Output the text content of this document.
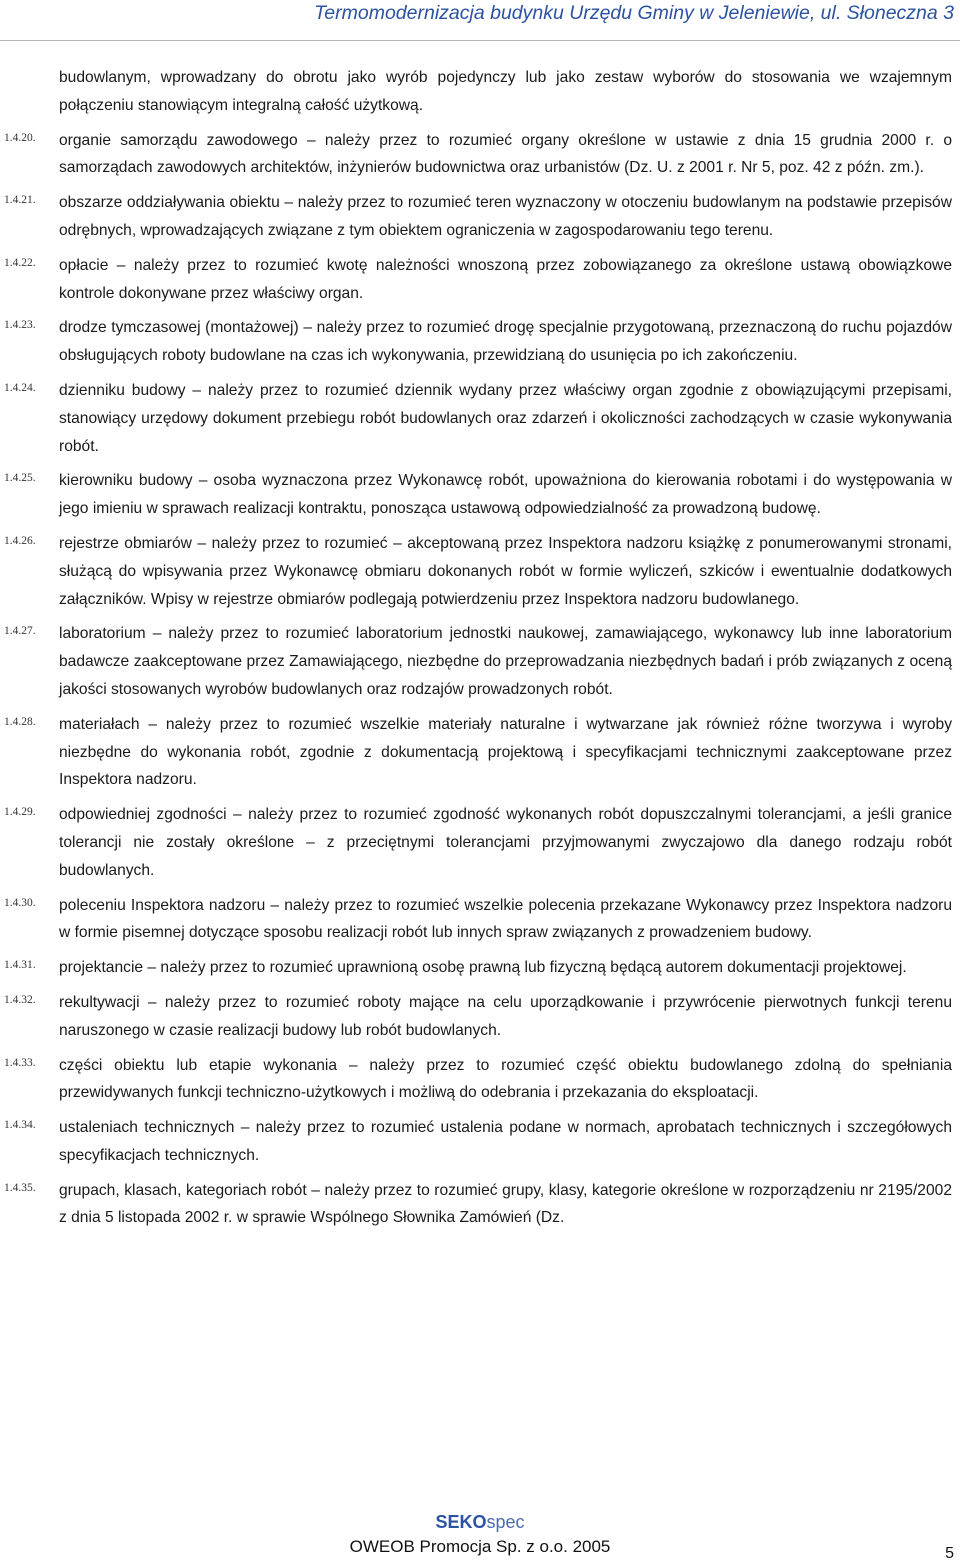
Termomodernizacja budynku Urzędu Gminy w Jeleniewie, ul. Słoneczna 3
budowlanym, wprowadzany do obrotu jako wyrób pojedynczy lub jako zestaw wyborów do stosowania we wzajemnym połączeniu stanowiącym integralną całość użytkową.
1.4.20. organie samorządu zawodowego – należy przez to rozumieć organy określone w ustawie z dnia 15 grudnia 2000 r. o samorządach zawodowych architektów, inżynierów budownictwa oraz urbanistów (Dz. U. z 2001 r. Nr 5, poz. 42 z późn. zm.).
1.4.21. obszarze oddziaływania obiektu – należy przez to rozumieć teren wyznaczony w otoczeniu budowlanym na podstawie przepisów odrębnych, wprowadzających związane z tym obiektem ograniczenia w zagospodarowaniu tego terenu.
1.4.22. opłacie – należy przez to rozumieć kwotę należności wnoszoną przez zobowiązanego za określone ustawą obowiązkowe kontrole dokonywane przez właściwy organ.
1.4.23. drodze tymczasowej (montażowej) – należy przez to rozumieć drogę specjalnie przygotowaną, przeznaczoną do ruchu pojazdów obsługujących roboty budowlane na czas ich wykonywania, przewidzianą do usunięcia po ich zakończeniu.
1.4.24. dzienniku budowy – należy przez to rozumieć dziennik wydany przez właściwy organ zgodnie z obowiązującymi przepisami, stanowiący urzędowy dokument przebiegu robót budowlanych oraz zdarzeń i okoliczności zachodzących w czasie wykonywania robót.
1.4.25. kierowniku budowy – osoba wyznaczona przez Wykonawcę robót, upoważniona do kierowania robotami i do występowania w jego imieniu w sprawach realizacji kontraktu, ponosząca ustawową odpowiedzialność za prowadzoną budowę.
1.4.26. rejestrze obmiarów – należy przez to rozumieć – akceptowaną przez Inspektora nadzoru książkę z ponumerowanymi stronami, służącą do wpisywania przez Wykonawcę obmiaru dokonanych robót w formie wyliczeń, szkiców i ewentualnie dodatkowych załączników. Wpisy w rejestrze obmiarów podlegają potwierdzeniu przez Inspektora nadzoru budowlanego.
1.4.27. laboratorium – należy przez to rozumieć laboratorium jednostki naukowej, zamawiającego, wykonawcy lub inne laboratorium badawcze zaakceptowane przez Zamawiającego, niezbędne do przeprowadzania niezbędnych badań i prób związanych z oceną jakości stosowanych wyrobów budowlanych oraz rodzajów prowadzonych robót.
1.4.28. materiałach – należy przez to rozumieć wszelkie materiały naturalne i wytwarzane jak również różne tworzywa i wyroby niezbędne do wykonania robót, zgodnie z dokumentacją projektową i specyfikacjami technicznymi zaakceptowane przez Inspektora nadzoru.
1.4.29. odpowiedniej zgodności – należy przez to rozumieć zgodność wykonanych robót dopuszczalnymi tolerancjami, a jeśli granice tolerancji nie zostały określone – z przeciętnymi tolerancjami przyjmowanymi zwyczajowo dla danego rodzaju robót budowlanych.
1.4.30. poleceniu Inspektora nadzoru – należy przez to rozumieć wszelkie polecenia przekazane Wykonawcy przez Inspektora nadzoru w formie pisemnej dotyczące sposobu realizacji robót lub innych spraw związanych z prowadzeniem budowy.
1.4.31. projektancie – należy przez to rozumieć uprawnioną osobę prawną lub fizyczną będącą autorem dokumentacji projektowej.
1.4.32. rekultywacji – należy przez to rozumieć roboty mające na celu uporządkowanie i przywrócenie pierwotnych funkcji terenu naruszonego w czasie realizacji budowy lub robót budowlanych.
1.4.33. części obiektu lub etapie wykonania – należy przez to rozumieć część obiektu budowlanego zdolną do spełniania przewidywanych funkcji techniczno-użytkowych i możliwą do odebrania i przekazania do eksploatacji.
1.4.34. ustaleniach technicznych – należy przez to rozumieć ustalenia podane w normach, aprobatach technicznych i szczegółowych specyfikacjach technicznych.
1.4.35. grupach, klasach, kategoriach robót – należy przez to rozumieć grupy, klasy, kategorie określone w rozporządzeniu nr 2195/2002 z dnia 5 listopada 2002 r. w sprawie Wspólnego Słownika Zamówień (Dz.
SEKOspec
OWEOB Promocja Sp. z o.o. 2005	5
